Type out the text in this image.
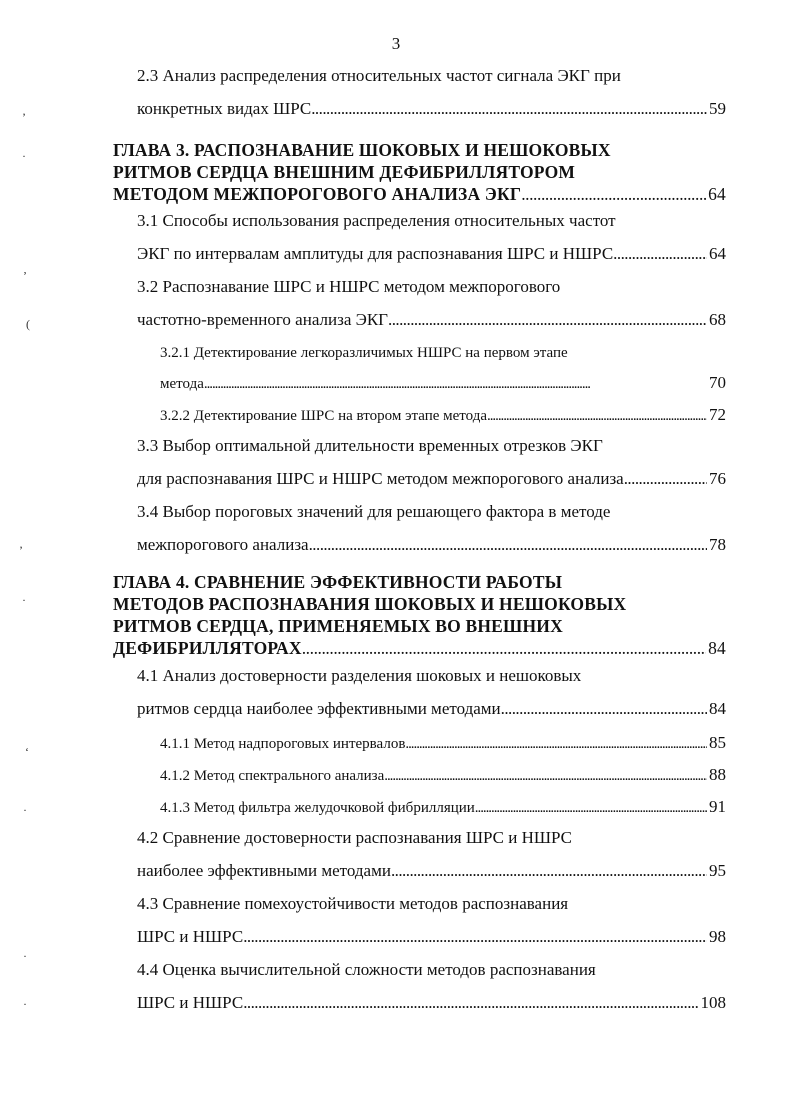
3
2.3 Анализ распределения относительных частот сигнала ЭКГ при
конкретных видах ШРС . . .	59
ГЛАВА 3. РАСПОЗНАВАНИЕ ШОКОВЫХ И НЕШОКОВЫХ
РИТМОВ СЕРДЦА ВНЕШНИМ ДЕФИБРИЛЛЯТОРОМ
МЕТОДОМ МЕЖПОРОГОВОГО АНАЛИЗА ЭКГ . . .	64
3.1 Способы использования распределения относительных частот
ЭКГ по интервалам амплитуды для распознавания ШРС и НШРС . . .	64
3.2 Распознавание ШРС и НШРС методом межпорогового
частотно-временного анализа ЭКГ . . .	68
3.2.1 Детектирование легкоразличимых НШРС на первом этапе
метода . . .	70
3.2.2 Детектирование ШРС на втором этапе метода . . .	72
3.3 Выбор оптимальной длительности временных отрезков ЭКГ
для распознавания ШРС и НШРС методом межпорогового анализа . . .	76
3.4 Выбор пороговых значений для решающего фактора в методе
межпорогового анализа . . .	78
ГЛАВА 4. СРАВНЕНИЕ ЭФФЕКТИВНОСТИ РАБОТЫ
МЕТОДОВ РАСПОЗНАВАНИЯ ШОКОВЫХ И НЕШОКОВЫХ
РИТМОВ СЕРДЦА, ПРИМЕНЯЕМЫХ ВО ВНЕШНИХ
ДЕФИБРИЛЛЯТОРАХ . . .	84
4.1 Анализ достоверности разделения шоковых и нешоковых
ритмов сердца наиболее эффективными методами . . .	84
4.1.1 Метод надпороговых интервалов . . .	85
4.1.2 Метод спектрального анализа . . .	88
4.1.3 Метод фильтра желудочковой фибрилляции . . .	91
4.2 Сравнение достоверности распознавания ШРС и НШРС
наиболее эффективными методами . . .	95
4.3 Сравнение помехоустойчивости методов распознавания
ШРС и НШРС . . .	98
4.4 Оценка вычислительной сложности методов распознавания
ШРС и НШРС . . .	108
’
·
‚
(
’
·
‘
·
·
·
